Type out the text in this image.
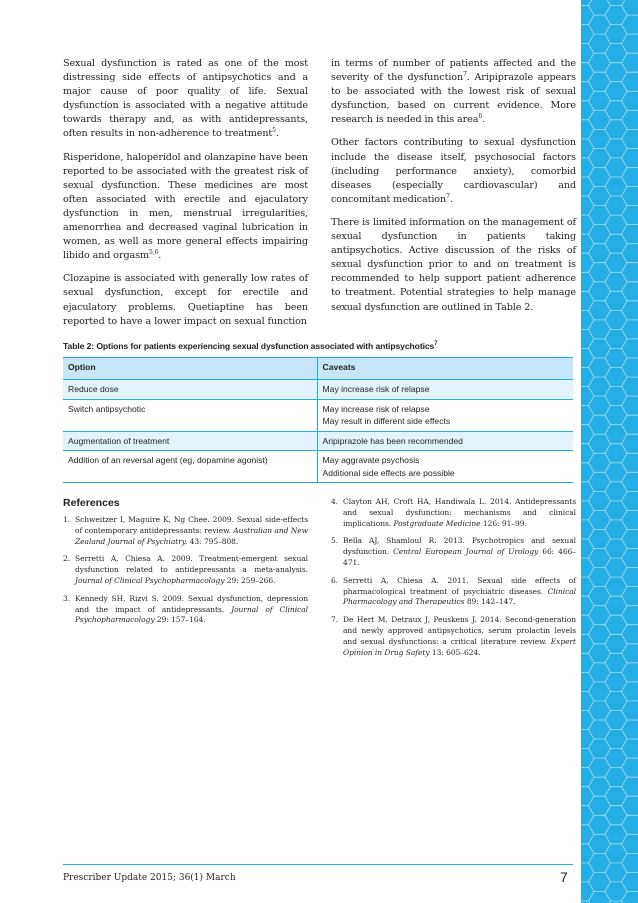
Sexual dysfunction is rated as one of the most distressing side effects of antipsychotics and a major cause of poor quality of life. Sexual dysfunction is associated with a negative attitude towards therapy and, as with antidepressants, often results in non-adherence to treatment$^5$.

Risperidone, haloperidol and olanzapine have been reported to be associated with the greatest risk of sexual dysfunction. These medicines are most often associated with erectile and ejaculatory dysfunction in men, menstrual irregularities, amenorrhea and decreased vaginal lubrication in women, as well as more general effects impairing libido and orgasm$^{5,6}$.

Clozapine is associated with generally low rates of sexual dysfunction, except for erectile and ejaculatory problems. Quetiaptine has been reported to have a lower impact on sexual function

in terms of number of patients affected and the severity of the dysfunction$^7$. Aripiprazole appears to be associated with the lowest risk of sexual dysfunction, based on current evidence. More research is needed in this area$^6$.

Other factors contributing to sexual dysfunction include the disease itself, psychosocial factors (including performance anxiety), comorbid diseases (especially cardiovascular) and concomitant medication$^7$.

There is limited information on the management of sexual dysfunction in patients taking antipsychotics. Active discussion of the risks of sexual dysfunction prior to and on treatment is recommended to help support patient adherence to treatment. Potential strategies to help manage sexual dysfunction are outlined in Table 2.

Table 2: Options for patients experiencing sexual dysfunction associated with antipsychotics$^7$
Option	Caveats
Reduce dose	May increase risk of relapse

Switch antipsychotic	May increase risk of relapse
May result in different side effects

Augmentation of treatment	Aripiprazole has been recommended

Addition of an reversal agent (eg, dopamine agonist)	May aggravate psychosis
Additional side effects are possible
References
1. Schweitzer I, Maguire K, Ng Chee. 2009. Sexual side-effects of contemporary antidepressants: review. Australian and New Zealand Journal of Psychiatry. 43: 795–808.
2. Serretti A, Chiesa A. 2009. Treatment-emergent sexual dysfunction related to antidepressants a meta-analysis. Journal of Clinical Psychopharmacology 29: 259–266.
3. Kennedy SH, Rizvi S. 2009. Sexual dysfunction, depression and the impact of antidepressants. Journal of Clinical Psychopharmacology 29: 157–164.
4. Clayton AH, Croft HA, Handiwala L. 2014. Antidepressants and sexual dysfunction: mechanisms and clinical implications. Postgraduate Medicine 126: 91–99.
5. Bella AJ, Shamloul R. 2013. Psychotropics and sexual dysfunction. Central European Journal of Urology 66: 466–471.
6. Serretti A, Chiesa A. 2011. Sexual side effects of pharmacological treatment of psychiatric diseases. Clinical Pharmacology and Therapeutics 89: 142–147.
7. De Hert M, Detraux J, Peuskens J. 2014. Second-generation and newly approved antipsychotics, serum prolactin levels and sexual dysfunctions: a critical literature review. Expert Opinion in Drug Safety 13: 605–624.
Prescriber Update 2015; 36(1) March	7
